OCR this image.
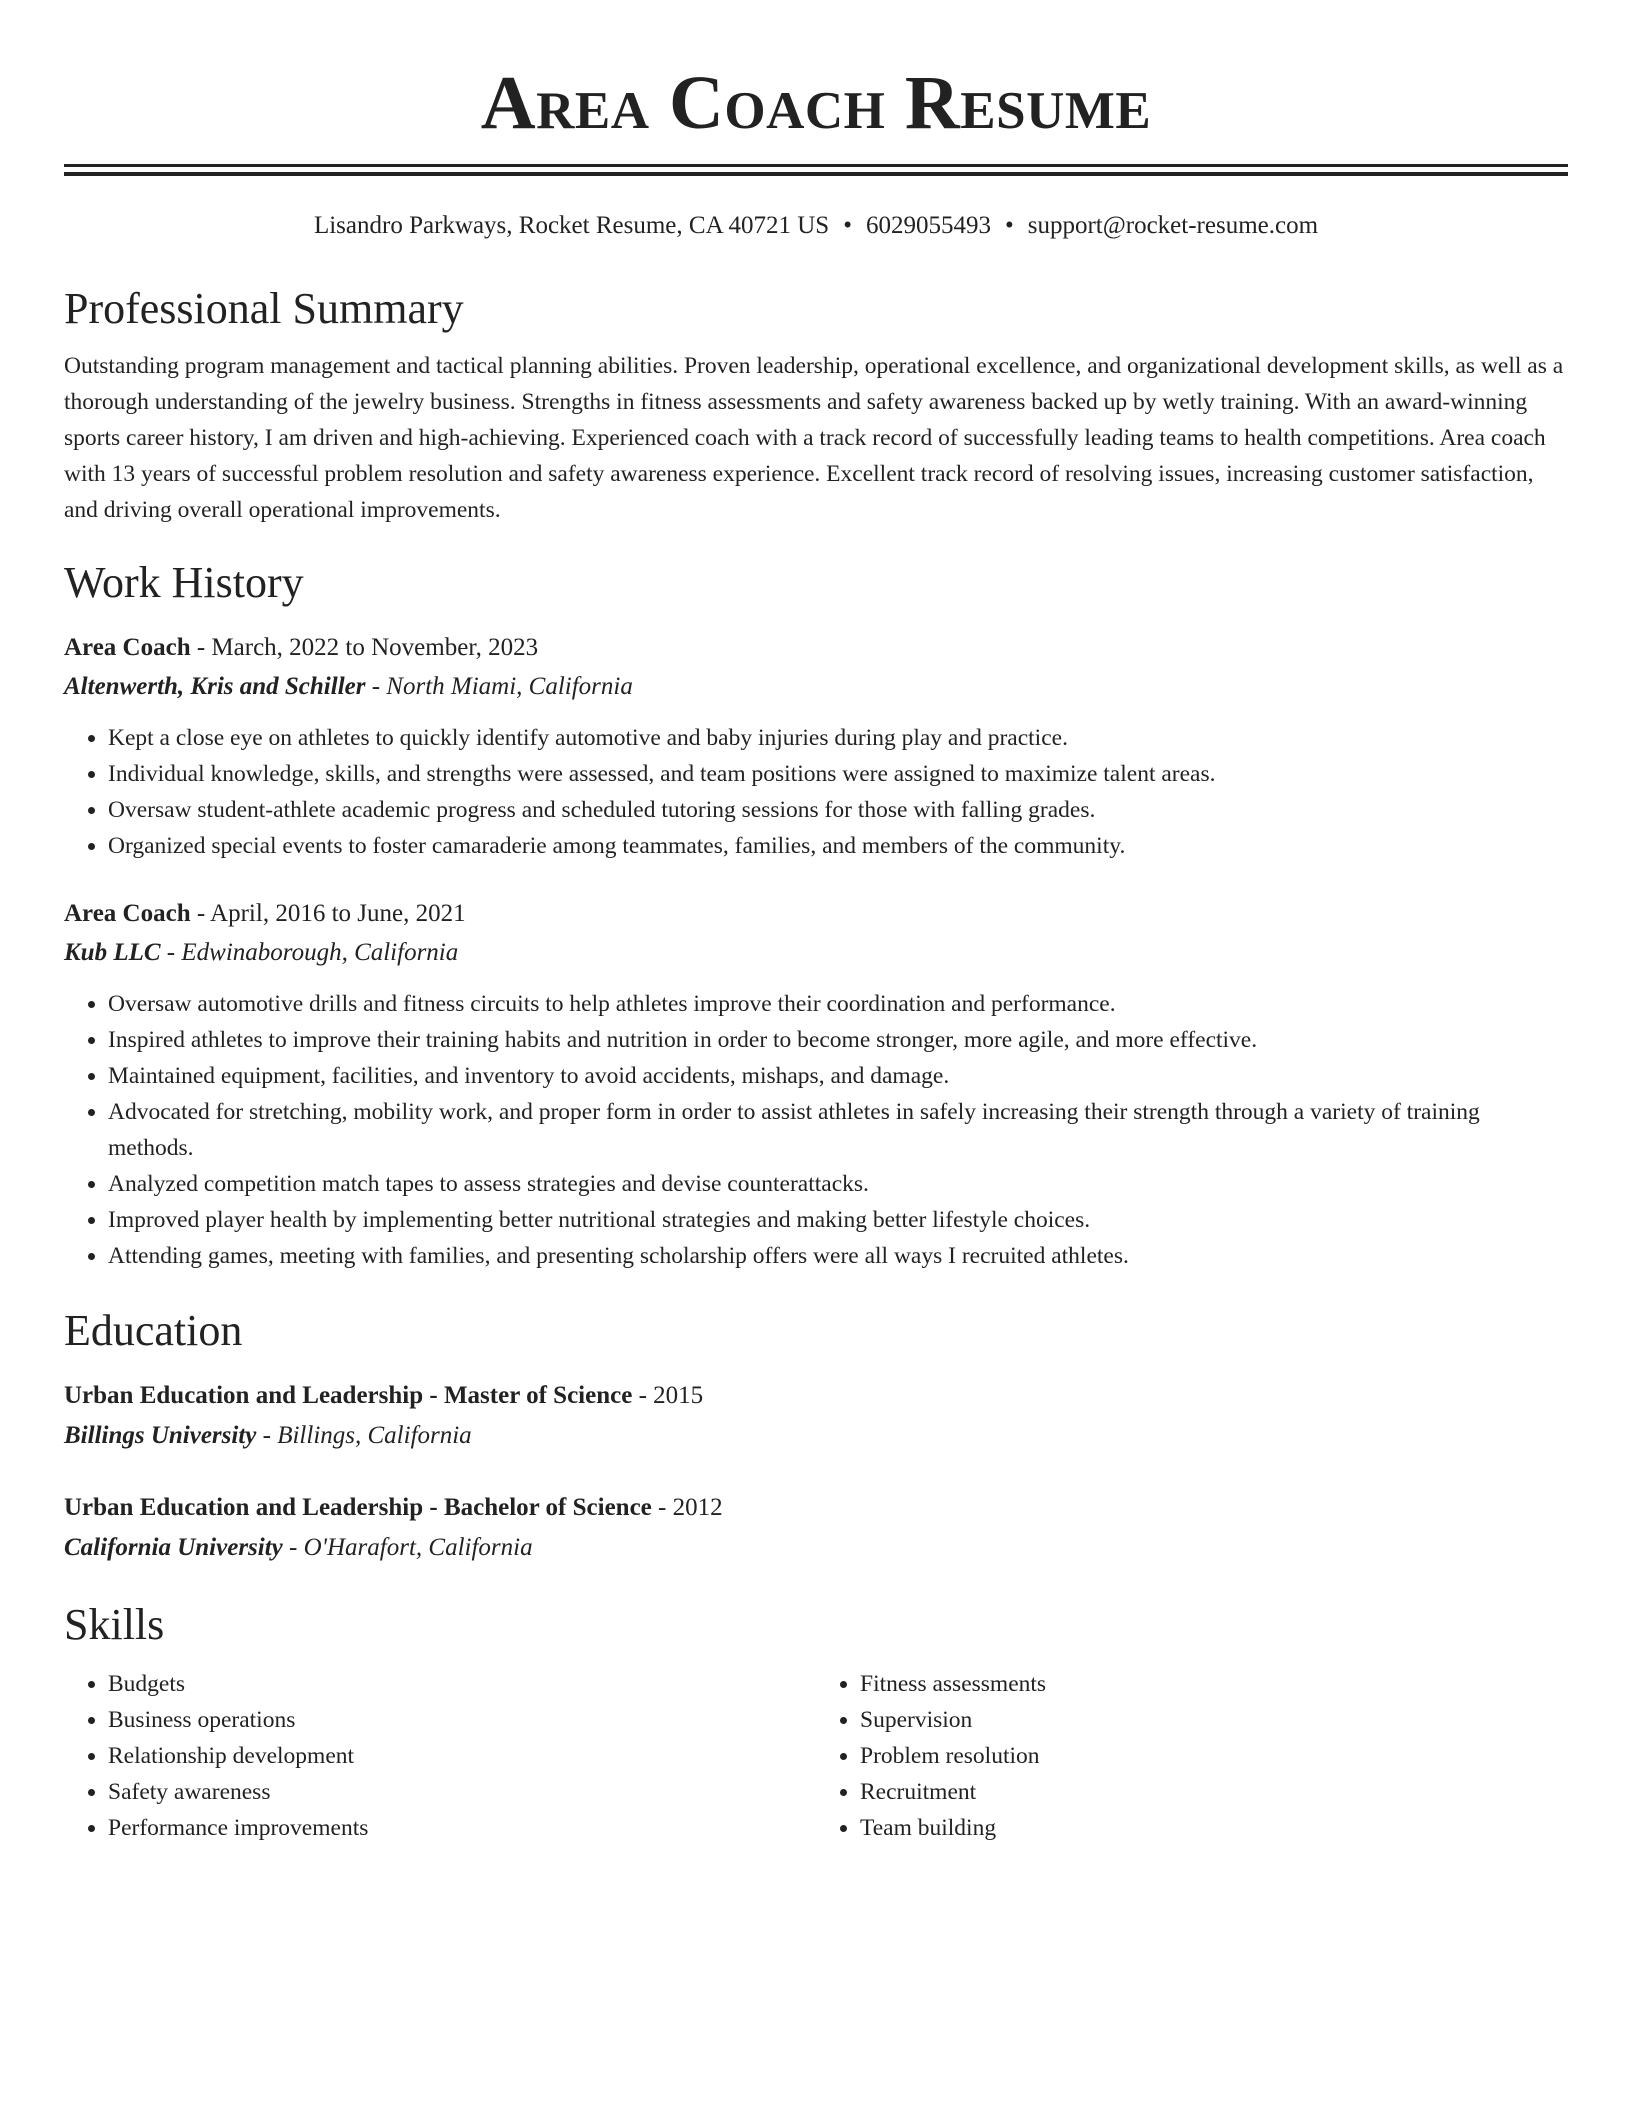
Area Coach Resume
Lisandro Parkways, Rocket Resume, CA 40721 US • 6029055493 • support@rocket-resume.com
Professional Summary

Outstanding program management and tactical planning abilities. Proven leadership, operational excellence, and organizational development skills, as well as a thorough understanding of the jewelry business. Strengths in fitness assessments and safety awareness backed up by wetly training. With an award-winning sports career history, I am driven and high-achieving. Experienced coach with a track record of successfully leading teams to health competitions. Area coach with 13 years of successful problem resolution and safety awareness experience. Excellent track record of resolving issues, increasing customer satisfaction, and driving overall operational improvements.

Work History
Area Coach - March, 2022 to November, 2023
Altenwerth, Kris and Schiller - North Miami, California
• Kept a close eye on athletes to quickly identify automotive and baby injuries during play and practice.
• Individual knowledge, skills, and strengths were assessed, and team positions were assigned to maximize talent areas.
• Oversaw student-athlete academic progress and scheduled tutoring sessions for those with falling grades.
• Organized special events to foster camaraderie among teammates, families, and members of the community.
Area Coach - April, 2016 to June, 2021
Kub LLC - Edwinaborough, California
• Oversaw automotive drills and fitness circuits to help athletes improve their coordination and performance.
• Inspired athletes to improve their training habits and nutrition in order to become stronger, more agile, and more effective.
• Maintained equipment, facilities, and inventory to avoid accidents, mishaps, and damage.
• Advocated for stretching, mobility work, and proper form in order to assist athletes in safely increasing their strength through a variety of training methods.
• Analyzed competition match tapes to assess strategies and devise counterattacks.
• Improved player health by implementing better nutritional strategies and making better lifestyle choices.
• Attending games, meeting with families, and presenting scholarship offers were all ways I recruited athletes.
Education
Urban Education and Leadership - Master of Science - 2015
Billings University - Billings, California
Urban Education and Leadership - Bachelor of Science - 2012
California University - O'Harafort, California
Skills
• Budgets
• Business operations
• Relationship development
• Safety awareness
• Performance improvements
• Fitness assessments
• Supervision
• Problem resolution
• Recruitment
• Team building
